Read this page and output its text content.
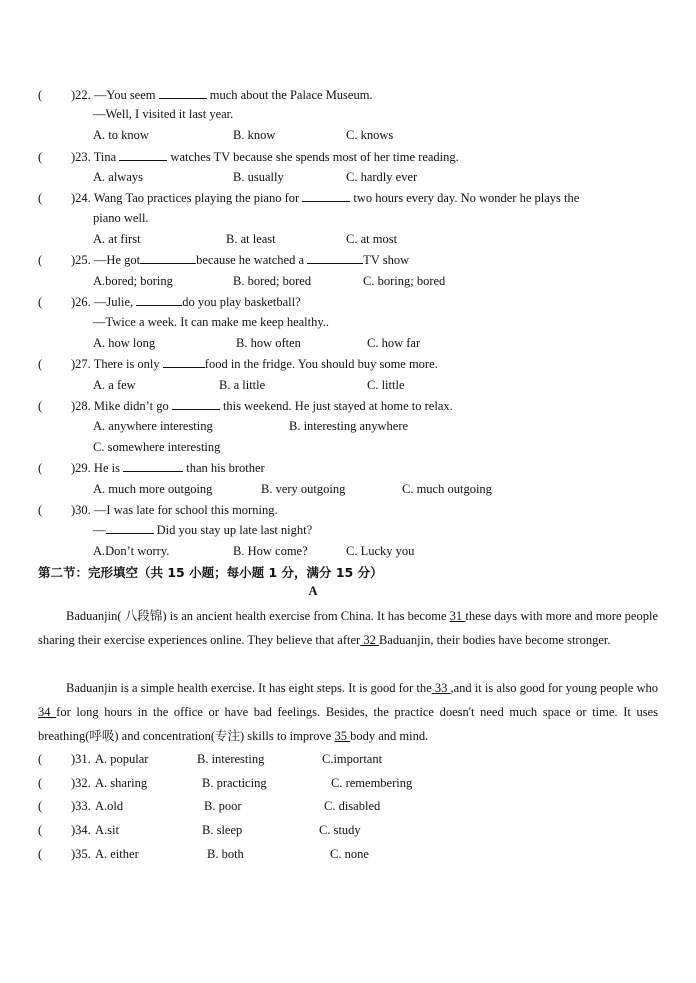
( )22. —You seem	much about the Palace Museum.
—Well, I visited it last year.
A. to know	B. know	C. knows
( )23. Tina	watches TV because she spends most of her time reading.
A. always	B. usually	C. hardly ever
( )24. Wang Tao practices playing the piano for	two hours every day. No wonder he plays the
piano well.
A. at first	B. at least	C. at most
( )25. —He got	because he watched a	TV show
A.bored; boring	B. bored; bored	C. boring; bored
( )26. —Julie,	do you play basketball?
—Twice a week. It can make me keep healthy..
A. how long	B. how often	C. how far
( )27. There is only	food in the fridge. You should buy some more.
A. a few	B. a little	C. little
( )28. Mike didn’t go	this weekend. He just stayed at home to relax.
A. anywhere interesting	B. interesting anywhere
C. somewhere interesting
( )29. He is	than his brother
A. much more outgoing	B. very outgoing	C. much outgoing
( )30. —I was late for school this morning.
—	Did you stay up late last night?
A.Don’t worry.	B. How come?	C. Lucky you
第二节：完形填空（共 15 小题；每小题 1 分，满分 15 分）
A
Baduanjin( 八段锦) is an ancient health exercise from China. It has become 31 these days with more and more people sharing their exercise experiences online. They believe that after 32 Baduanjin, their bodies have become stronger.
Baduanjin is a simple health exercise. It has eight steps. It is good for the 33 ,and it is also good for young people who 34 for long hours in the office or have bad feelings. Besides, the practice doesn't need much space or time. It uses breathing(呼吸) and concentration(专注) skills to improve 35 body and mind.
( )31. A. popular	B. interesting	C.important
( )32. A. sharing	B. practicing	C. remembering
( )33. A.old	B. poor	C. disabled
( )34. A.sit	B. sleep	C. study
( )35. A. either	B. both	C. none
